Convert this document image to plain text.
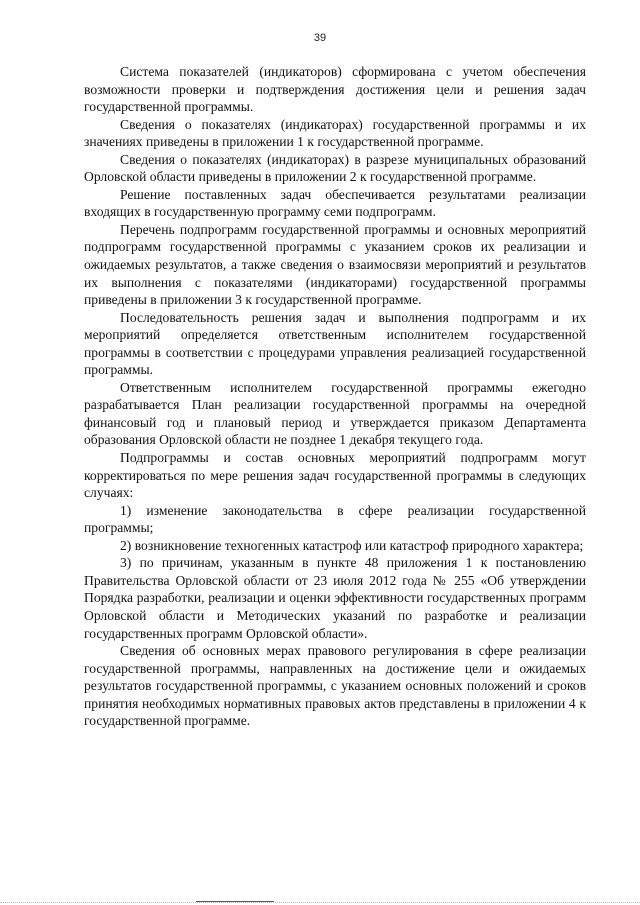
39

Система показателей (индикаторов) сформирована с учетом обеспечения возможности проверки и подтверждения достижения цели и решения задач государственной программы.

Сведения о показателях (индикаторах) государственной программы и их значениях приведены в приложении 1 к государственной программе.

Сведения о показателях (индикаторах) в разрезе муниципальных образований Орловской области приведены в приложении 2 к государственной программе.

Решение поставленных задач обеспечивается результатами реализации входящих в государственную программу семи подпрограмм.

Перечень подпрограмм государственной программы и основных мероприятий подпрограмм государственной программы с указанием сроков их реализации и ожидаемых результатов, а также сведения о взаимосвязи мероприятий и результатов их выполнения с показателями (индикаторами) государственной программы приведены в приложении 3 к государственной программе.

Последовательность решения задач и выполнения подпрограмм и их мероприятий определяется ответственным исполнителем государственной программы в соответствии с процедурами управления реализацией государственной программы.

Ответственным исполнителем государственной программы ежегодно разрабатывается План реализации государственной программы на очередной финансовый год и плановый период и утверждается приказом Департамента образования Орловской области не позднее 1 декабря текущего года.

Подпрограммы и состав основных мероприятий подпрограмм могут корректироваться по мере решения задач государственной программы в следующих случаях:

1) изменение законодательства в сфере реализации государственной программы;

2) возникновение техногенных катастроф или катастроф природного характера;

3) по причинам, указанным в пункте 48 приложения 1 к постановлению Правительства Орловской области от 23 июля 2012 года № 255 «Об утверждении Порядка разработки, реализации и оценки эффективности государственных программ Орловской области и Методических указаний по разработке и реализации государственных программ Орловской области».

Сведения об основных мерах правового регулирования в сфере реализации государственной программы, направленных на достижение цели и ожидаемых результатов государственной программы, с указанием основных положений и сроков принятия необходимых нормативных правовых актов представлены в приложении 4 к государственной программе.
